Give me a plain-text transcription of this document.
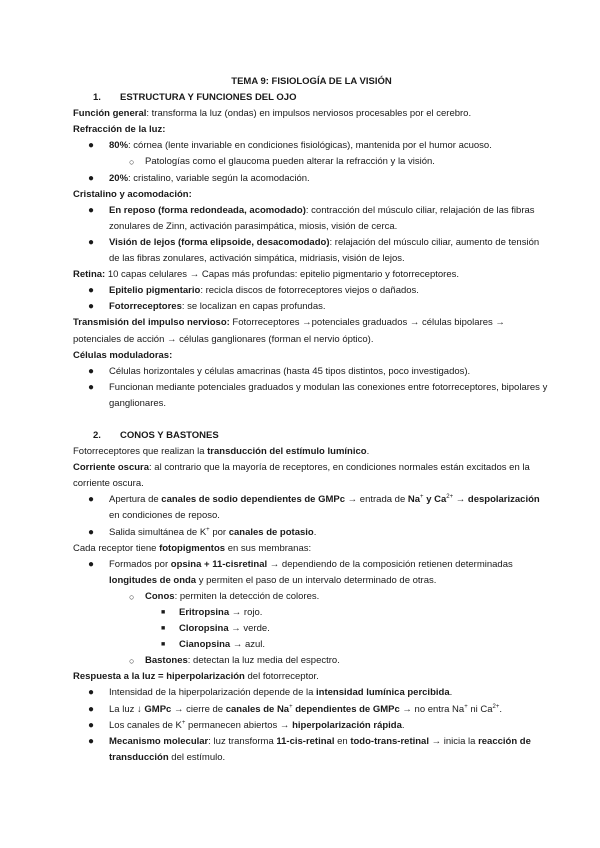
TEMA 9: FISIOLOGÍA DE LA VISIÓN
1. ESTRUCTURA Y FUNCIONES DEL OJO
Función general: transforma la luz (ondas) en impulsos nerviosos procesables por el cerebro.
Refracción de la luz:
● 80%: córnea (lente invariable en condiciones fisiológicas), mantenida por el humor acuoso.
○ Patologías como el glaucoma pueden alterar la refracción y la visión.
● 20%: cristalino, variable según la acomodación.
Cristalino y acomodación:
● En reposo (forma redondeada, acomodado): contracción del músculo ciliar, relajación de las fibras zonulares de Zinn, activación parasimpática, miosis, visión de cerca.
● Visión de lejos (forma elipsoide, desacomodado): relajación del músculo ciliar, aumento de tensión de las fibras zonulares, activación simpática, midriasis, visión de lejos.
Retina: 10 capas celulares → Capas más profundas: epitelio pigmentario y fotorreceptores.
● Epitelio pigmentario: recicla discos de fotorreceptores viejos o dañados.
● Fotorreceptores: se localizan en capas profundas.
Transmisión del impulso nervioso: Fotorreceptores →potenciales graduados → células bipolares → potenciales de acción → células ganglionares (forman el nervio óptico).
Células moduladoras:
● Células horizontales y células amacrinas (hasta 45 tipos distintos, poco investigados).
● Funcionan mediante potenciales graduados y modulan las conexiones entre fotorreceptores, bipolares y ganglionares.
2. CONOS Y BASTONES
Fotorreceptores que realizan la transducción del estímulo lumínico.
Corriente oscura: al contrario que la mayoría de receptores, en condiciones normales están excitados en la corriente oscura.
● Apertura de canales de sodio dependientes de GMPc → entrada de Na+ y $Ca^{2+}$ → despolarización en condiciones de reposo.
● Salida simultánea de K+ por canales de potasio.
Cada receptor tiene fotopigmentos en sus membranas:
● Formados por opsina + 11-cisretinal → dependiendo de la composición retienen determinadas longitudes de onda y permiten el paso de un intervalo determinado de otras.
○ Conos: permiten la detección de colores.
■ Eritropsina → rojo.
■ Cloropsina → verde.
■ Cianopsina → azul.
○ Bastones: detectan la luz media del espectro.
Respuesta a la luz = hiperpolarización del fotorreceptor.
● Intensidad de la hiperpolarización depende de la intensidad lumínica percibida.
● La luz ↓ GMPc → cierre de canales de Na+ dependientes de GMPc → no entra Na+ ni $Ca^{2+}$.
● Los canales de K+ permanecen abiertos → hiperpolarización rápida.
● Mecanismo molecular: luz transforma 11-cis-retinal en todo-trans-retinal → inicia la reacción de transducción del estímulo.
